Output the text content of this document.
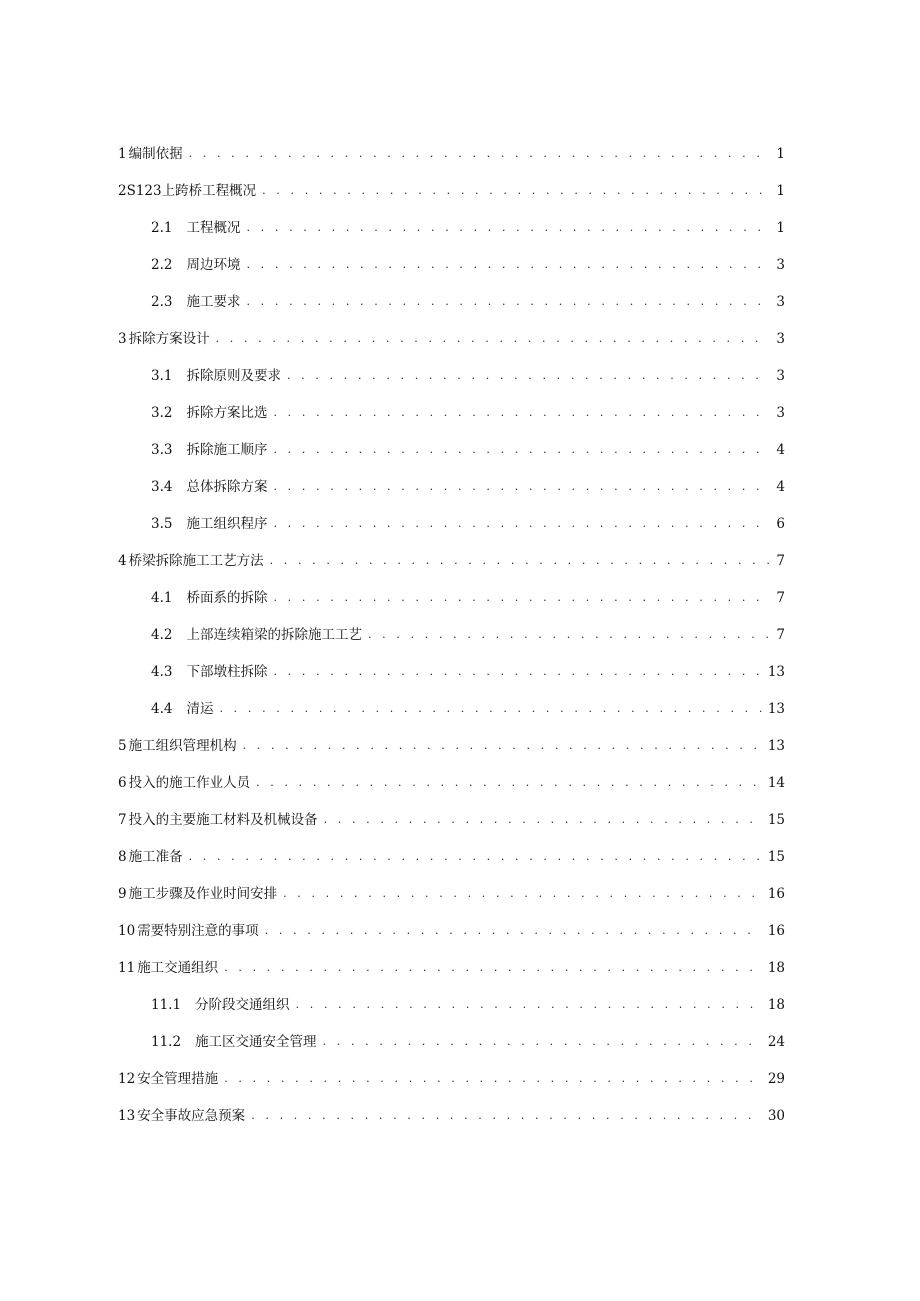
1 编制依据 . . .	1
2 S123上跨桥工程概况 . . .	1
2.1 工程概况 . . .	1
2.2 周边环境 . . .	3
2.3 施工要求 . . .	3
3 拆除方案设计 . . .	3
3.1 拆除原则及要求 . . .	3
3.2 拆除方案比选 . . .	3
3.3 拆除施工顺序 . . .	4
3.4 总体拆除方案 . . .	4
3.5 施工组织程序 . . .	6
4 桥梁拆除施工工艺方法 . . .	7
4.1 桥面系的拆除 . . .	7
4.2 上部连续箱梁的拆除施工工艺 . . .	7
4.3 下部墩柱拆除 . . .	13
4.4 清运 . . .	13
5 施工组织管理机构 . . .	13
6 投入的施工作业人员 . . .	14
7 投入的主要施工材料及机械设备 . . .	15
8 施工准备 . . .	15
9 施工步骤及作业时间安排 . . .	16
10 需要特别注意的事项 . . .	16
11 施工交通组织 . . .	18
11.1 分阶段交通组织 . . .	18
11.2 施工区交通安全管理 . . .	24
12 安全管理措施 . . .	29
13 安全事故应急预案 . . .	30
